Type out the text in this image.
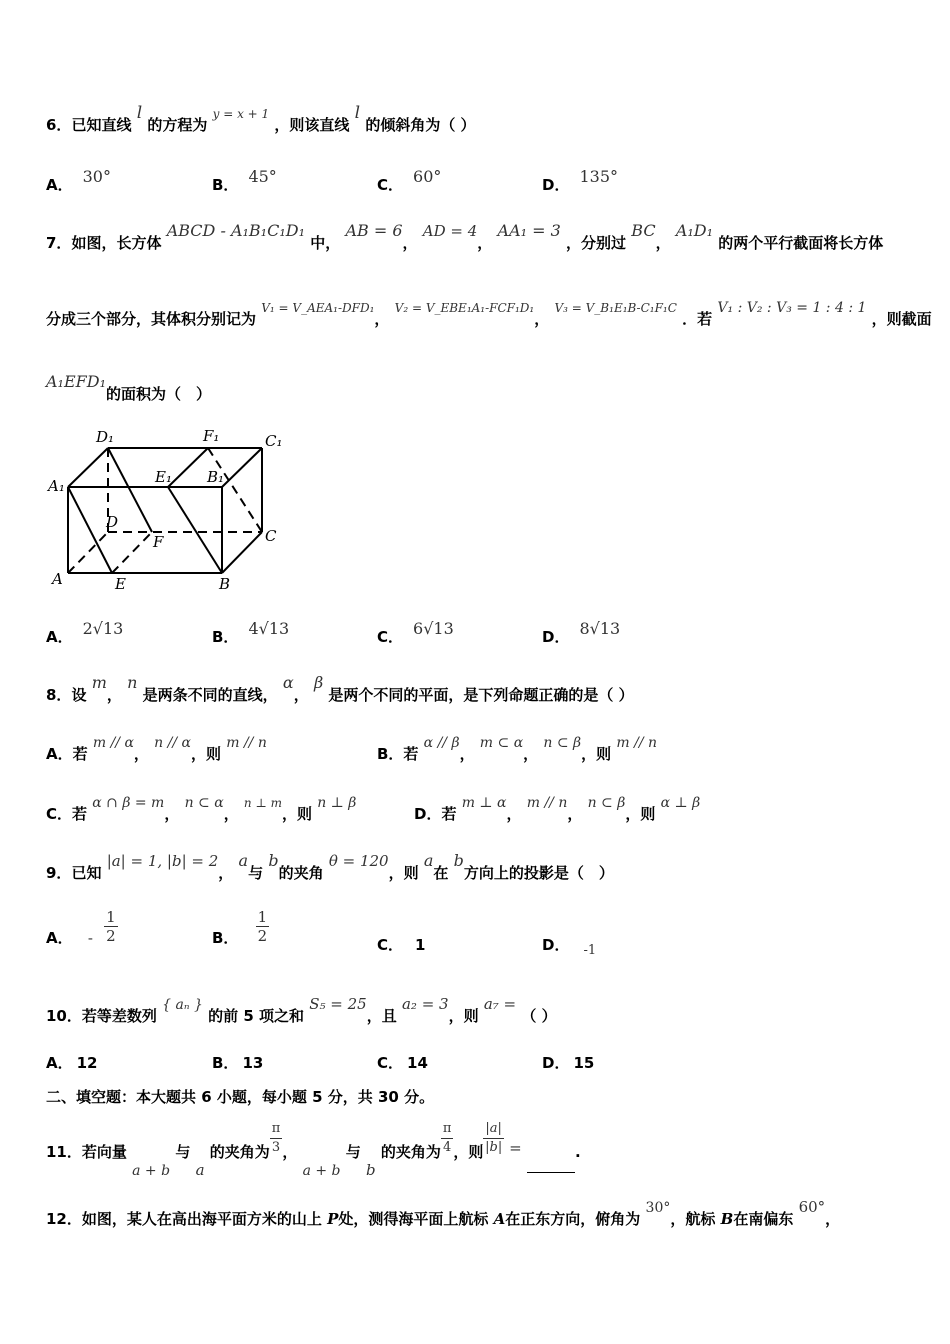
6．已知直线 l 的方程为 $^{y = x + 1}$ ，则该直线 l 的倾斜角为（ ）
A． 30°	B． 45°	C． 60°	D． 135°
7．如图，长方体 ABCD - A₁B₁C₁D₁ 中， AB = 6， AD = 4， AA₁ = 3 ，分别过 BC， A₁D₁ 的两个平行截面将长方体
分成三个部分，其体积分别记为 $^{V_1 = V\_AEA_1-DFD_1}$， $^{V_2 = V\_EBE_1A_1-FCF_1D_1}$， $^{V_3 = V\_B_1E_1B-C_1F_1C}$ ．若 V₁ : V₂ : V₃ = 1 : 4 : 1 ，则截面
A₁EFD₁的面积为（　）
D₁	F₁	C₁
A₁	E₁ B₁
D
F	C
A	E	B
A． 2√13	B． 4√13	C． 6√13	D． 8√13
8．设 m， n 是两条不同的直线， α， β 是两个不同的平面，是下列命题正确的是（ ）
A．若 m // α， n // α，则 m // n
B．若 α // β， m ⊂ α， n ⊂ β，则 m // n
C．若 α ∩ β = m， n ⊂ α， $^{n \perp m}$，则 n ⊥ β
D．若 m ⊥ α， m // n， n ⊂ β，则 α ⊥ β
9．已知 |a| = 1, |b| = 2， a与 b的夹角 θ = 120，则 a在 b方向上的投影是（　）
A． - $\frac{1}{2}$	B． $\frac{1}{2}$	C． 1	D． -1
10．若等差数列 { aₙ } 的前 5 项之和 S₅ = 25，且 a₂ = 3，则 a₇ = （ ）
A． 12	B． 13	C． 14	D． 15
二、填空题：本大题共 6 小题，每小题 5 分，共 30 分。
11．若向量 a + b 与 a 的夹角为 $\frac{\pi}{3}$ ， a + b 与 b 的夹角为 $\frac{\pi}{4}$ ，则 $\frac{|a|}{|b|}$ =	.
12．如图，某人在高出海平面方米的山上 P处，测得海平面上航标 A在正东方向，俯角为 30°，航标 B在南偏东 60°，
